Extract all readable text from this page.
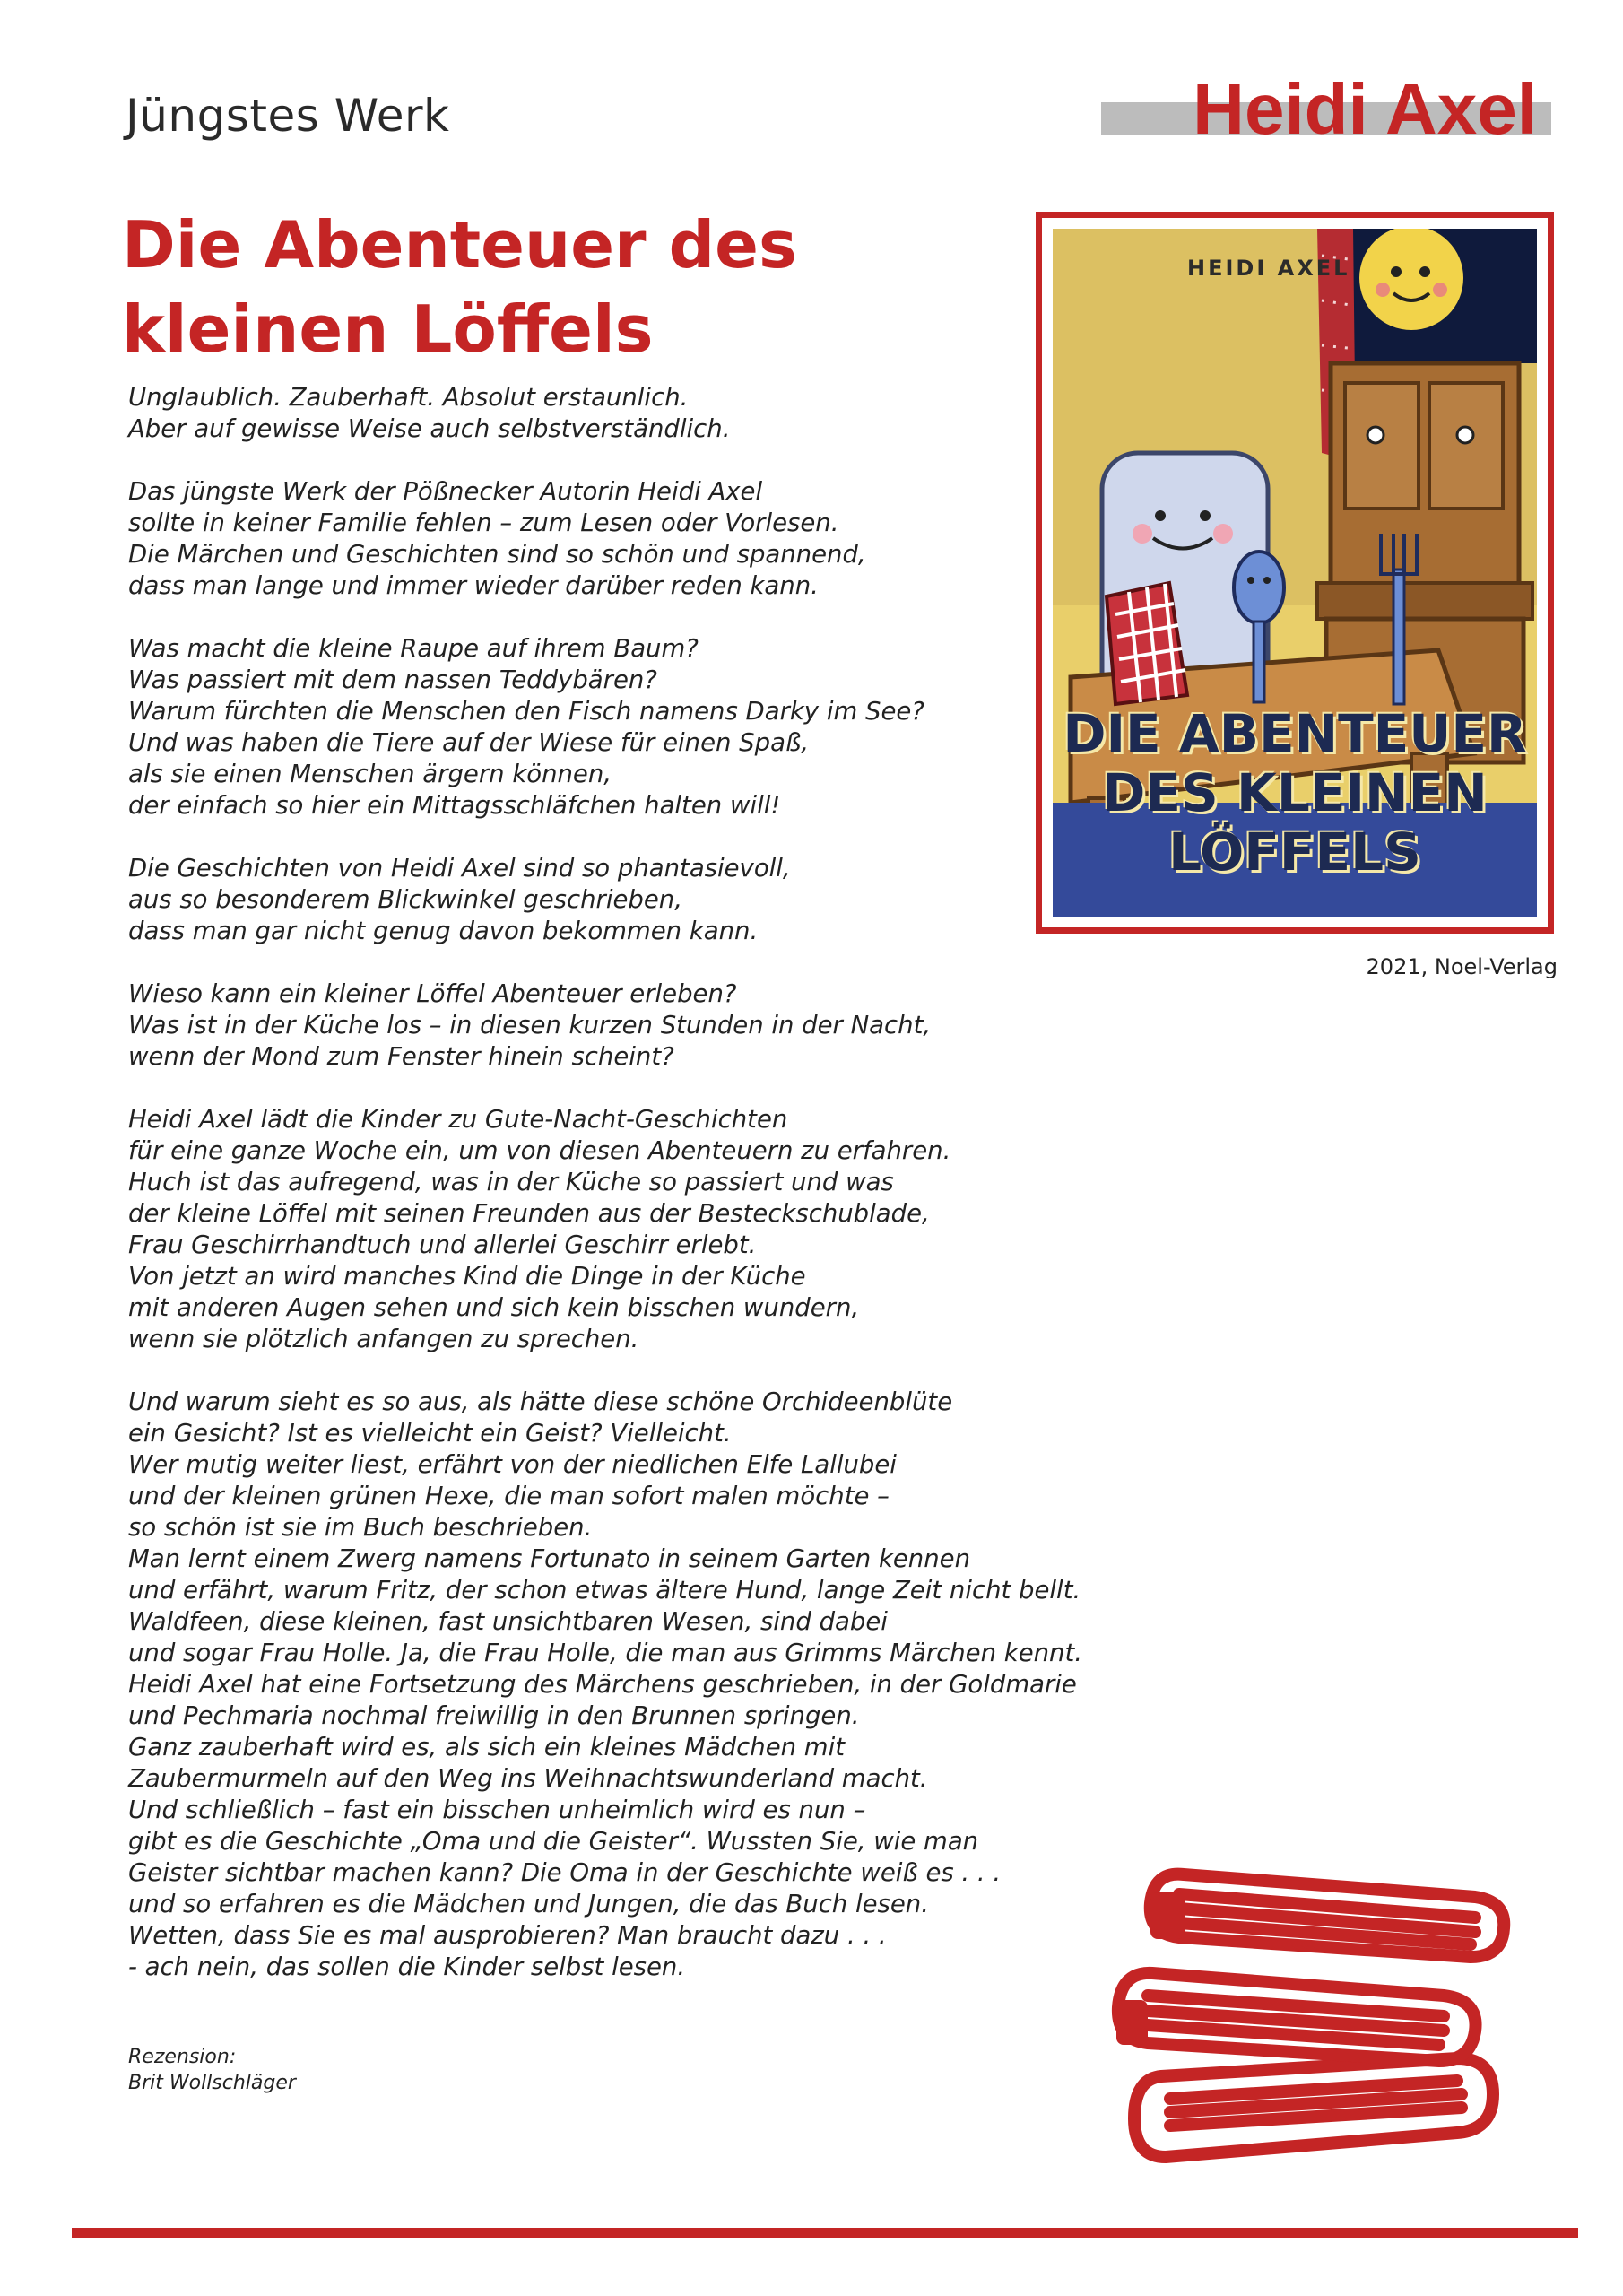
Jüngstes Werk	Heidi Axel
Die Abenteuer des
kleinen Löffels
Unglaublich. Zauberhaft. Absolut erstaunlich.
Aber auf gewisse Weise auch selbstverständlich.
Das jüngste Werk der Pößnecker Autorin Heidi Axel
sollte in keiner Familie fehlen – zum Lesen oder Vorlesen.
Die Märchen und Geschichten sind so schön und spannend,
dass man lange und immer wieder darüber reden kann.
Was macht die kleine Raupe auf ihrem Baum?
Was passiert mit dem nassen Teddybären?
Warum fürchten die Menschen den Fisch namens Darky im See?
Und was haben die Tiere auf der Wiese für einen Spaß,
als sie einen Menschen ärgern können,
der einfach so hier ein Mittagsschläfchen halten will!
Die Geschichten von Heidi Axel sind so phantasievoll,
aus so besonderem Blickwinkel geschrieben,
dass man gar nicht genug davon bekommen kann.
Wieso kann ein kleiner Löffel Abenteuer erleben?
Was ist in der Küche los – in diesen kurzen Stunden in der Nacht,
wenn der Mond zum Fenster hinein scheint?
Heidi Axel lädt die Kinder zu Gute-Nacht-Geschichten
für eine ganze Woche ein, um von diesen Abenteuern zu erfahren.
Huch ist das aufregend, was in der Küche so passiert und was
der kleine Löffel mit seinen Freunden aus der Besteckschublade,
Frau Geschirrhandtuch und allerlei Geschirr erlebt.
Von jetzt an wird manches Kind die Dinge in der Küche
mit anderen Augen sehen und sich kein bisschen wundern,
wenn sie plötzlich anfangen zu sprechen.
Und warum sieht es so aus, als hätte diese schöne Orchideenblüte
ein Gesicht? Ist es vielleicht ein Geist? Vielleicht.
Wer mutig weiter liest, erfährt von der niedlichen Elfe Lallubei
und der kleinen grünen Hexe, die man sofort malen möchte –
so schön ist sie im Buch beschrieben.
Man lernt einem Zwerg namens Fortunato in seinem Garten kennen
und erfährt, warum Fritz, der schon etwas ältere Hund, lange Zeit nicht bellt.
Waldfeen, diese kleinen, fast unsichtbaren Wesen, sind dabei
und sogar Frau Holle. Ja, die Frau Holle, die man aus Grimms Märchen kennt.
Heidi Axel hat eine Fortsetzung des Märchens geschrieben, in der Goldmarie
und Pechmaria nochmal freiwillig in den Brunnen springen.
Ganz zauberhaft wird es, als sich ein kleines Mädchen mit
Zaubermurmeln auf den Weg ins Weihnachtswunderland macht.
Und schließlich – fast ein bisschen unheimlich wird es nun –
gibt es die Geschichte „Oma und die Geister“. Wussten Sie, wie man
Geister sichtbar machen kann? Die Oma in der Geschichte weiß es . . .
und so erfahren es die Mädchen und Jungen, die das Buch lesen.
Wetten, dass Sie es mal ausprobieren? Man braucht dazu . . .
- ach nein, das sollen die Kinder selbst lesen.
Rezension:
Brit Wollschläger
HEIDI AXEL
DIE ABENTEUER
DES KLEINEN
LÖFFELS
2021, Noel-Verlag
